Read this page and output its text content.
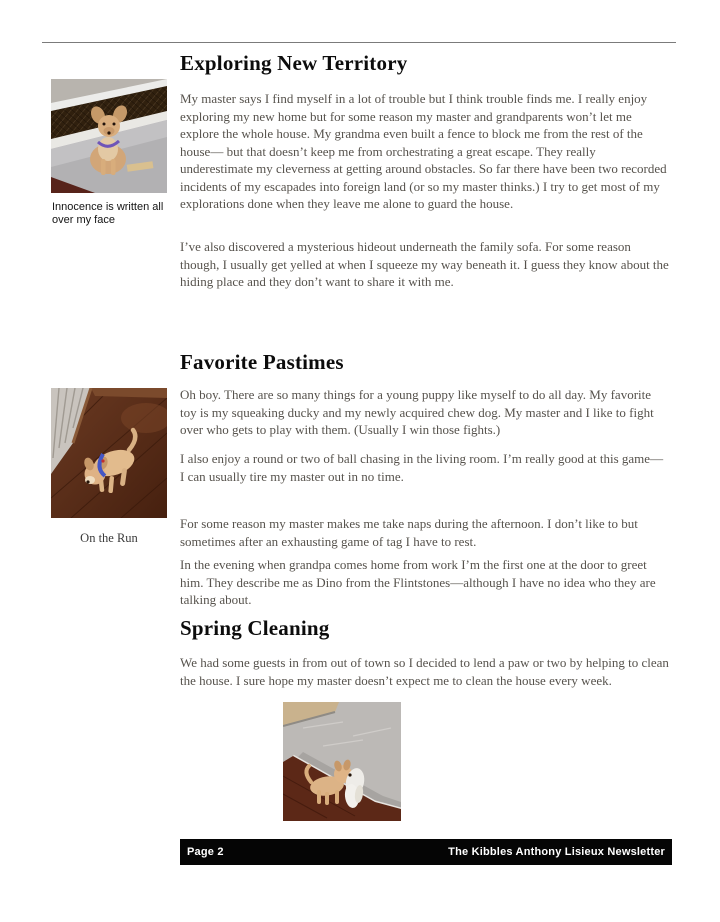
Innocence is written all over my face
On the Run
Exploring New Territory

My master says I find myself in a lot of trouble but I think trouble finds me. I really enjoy exploring my new home but for some reason my master and grandparents won’t let me explore the whole house. My grandma even built a fence to block me from the rest of the house— but that doesn’t keep me from orchestrating a great escape. They really underestimate my cleverness at getting around obstacles. So far there have been two recorded incidents of my escapades into foreign land (or so my master thinks.) I try to get most of my explorations done when they leave me alone to guard the house.

I’ve also discovered a mysterious hideout underneath the family sofa. For some reason though, I usually get yelled at when I squeeze my way beneath it. I guess they know about the hiding place and they don’t want to share it with me.

Favorite Pastimes

Oh boy. There are so many things for a young puppy like myself to do all day. My favorite toy is my squeaking ducky and my newly acquired chew dog. My master and I like to fight over who gets to play with them. (Usually I win those fights.)

I also enjoy a round or two of ball chasing in the living room. I’m really good at this game— I can usually tire my master out in no time.

For some reason my master makes me take naps during the afternoon. I don’t like to but sometimes after an exhausting game of tag I have to rest.

In the evening when grandpa comes home from work I’m the first one at the door to greet him. They describe me as Dino from the Flintstones—although I have no idea who they are talking about.

Spring Cleaning

We had some guests in from out of town so I decided to lend a paw or two by helping to clean the house. I sure hope my master doesn’t expect me to clean the house every week.

Page 2	The Kibbles Anthony Lisieux Newsletter
